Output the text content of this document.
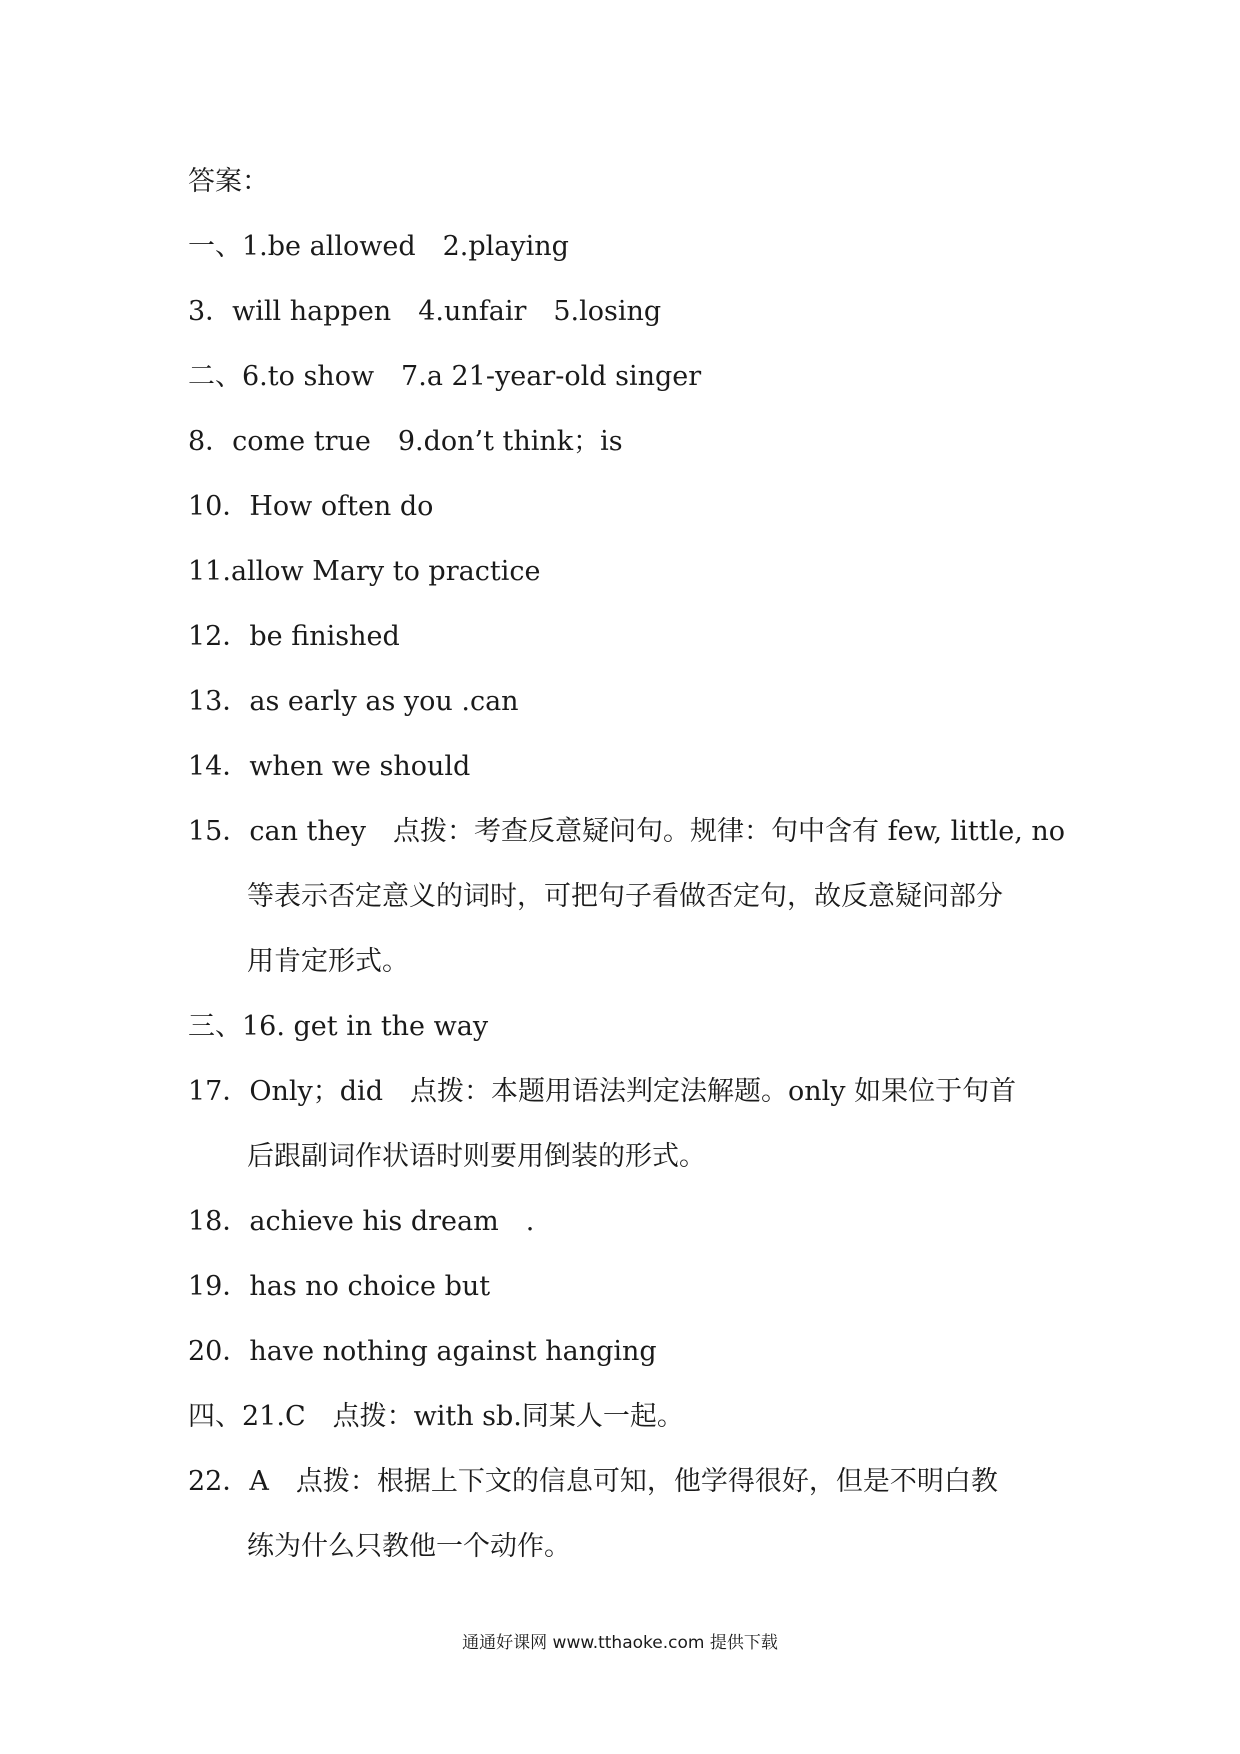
答案：
一、1.be allowed　2.playing
3．will happen　4.unfair　5.losing
二、6.to show　7.a 21-year-old singer
8．come true　9.don’t think；is
10．How often do
11.allow Mary to practice
12．be finished
13．as early as you .can
14．when we should
15．can they　点拨：考查反意疑问句。规律：句中含有 few, little, no
等表示否定意义的词时，可把句子看做否定句，故反意疑问部分
用肯定形式。
三、16. get in the way
17．Only；did　点拨：本题用语法判定法解题。only 如果位于句首
后跟副词作状语时则要用倒装的形式。
18．achieve his dream　.
19．has no choice but
20．have nothing against hanging
四、21.C　点拨：with sb.同某人一起。
22．A　点拨：根据上下文的信息可知，他学得很好，但是不明白教
练为什么只教他一个动作。
通通好课网 www.tthaoke.com 提供下载
